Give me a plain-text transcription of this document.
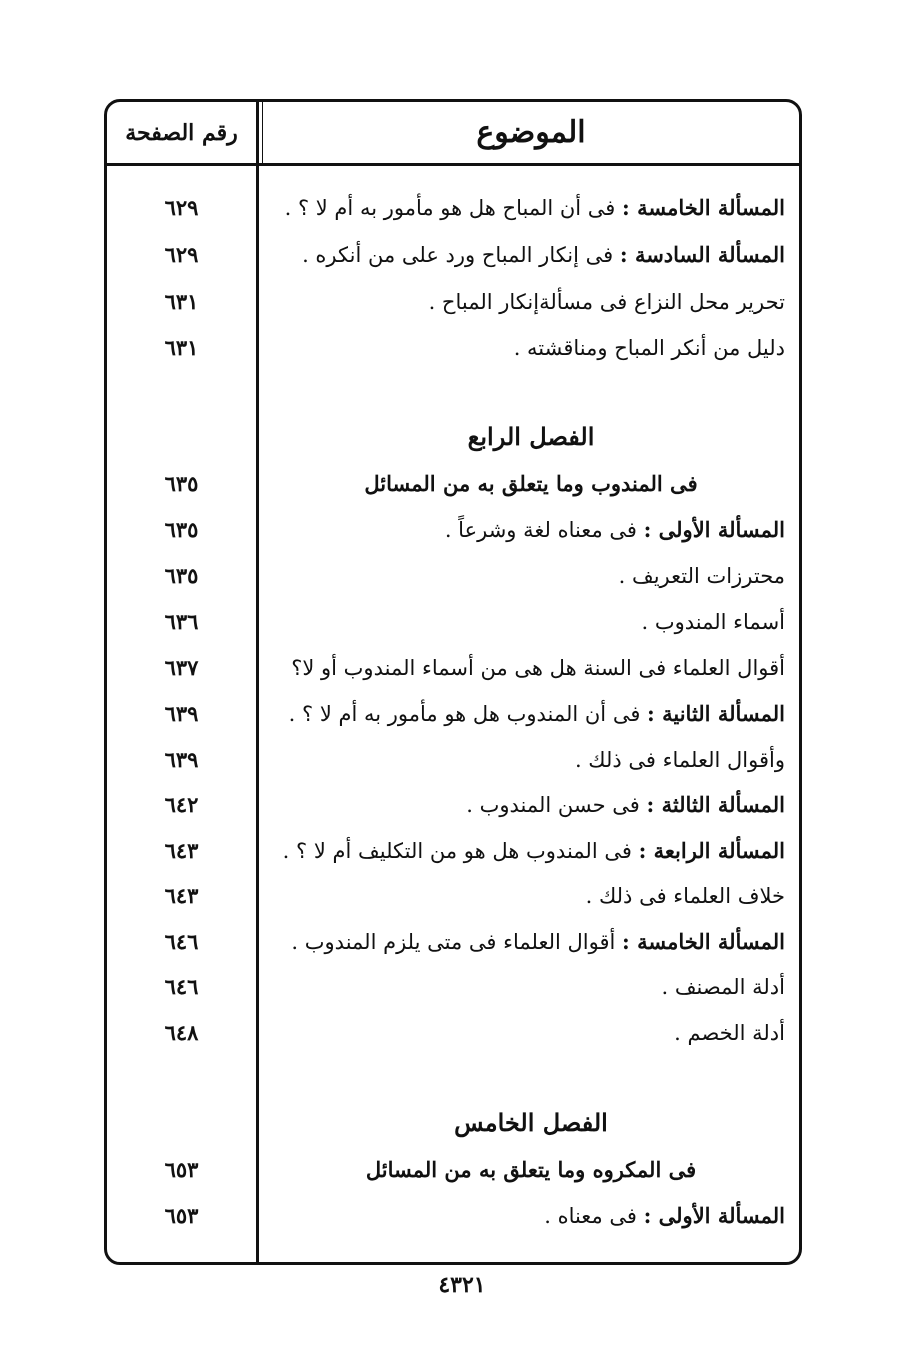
الموضوع
رقم الصفحة
المسألة الخامسة : فى أن المباح هل هو مأمور به أم لا ؟ .
٦٢٩
المسألة السادسة : فى إنكار المباح ورد على من أنكره .
٦٢٩
تحرير محل النزاع فى مسألةإنكار المباح .
٦٣١
دليل من أنكر المباح ومناقشته .
٦٣١
الفصل الرابع
فى المندوب وما يتعلق به من المسائل
٦٣٥
المسألة الأولى : فى معناه لغة وشرعاً .
٦٣٥
محترزات التعريف .
٦٣٥
أسماء المندوب .
٦٣٦
أقوال العلماء فى السنة هل هى من أسماء المندوب أو لا؟
٦٣٧
المسألة الثانية : فى أن المندوب هل هو مأمور به أم لا ؟ .
٦٣٩
وأقوال العلماء فى ذلك .
٦٣٩
المسألة الثالثة : فى حسن المندوب .
٦٤٢
المسألة الرابعة : فى المندوب هل هو من التكليف أم لا ؟ .
٦٤٣
خلاف العلماء فى ذلك .
٦٤٣
المسألة الخامسة : أقوال العلماء فى متى يلزم المندوب .
٦٤٦
أدلة المصنف .
٦٤٦
أدلة الخصم .
٦٤٨
الفصل الخامس
فى المكروه وما يتعلق به من المسائل
٦٥٣
المسألة الأولى : فى معناه .
٦٥٣
٤٣٢١
